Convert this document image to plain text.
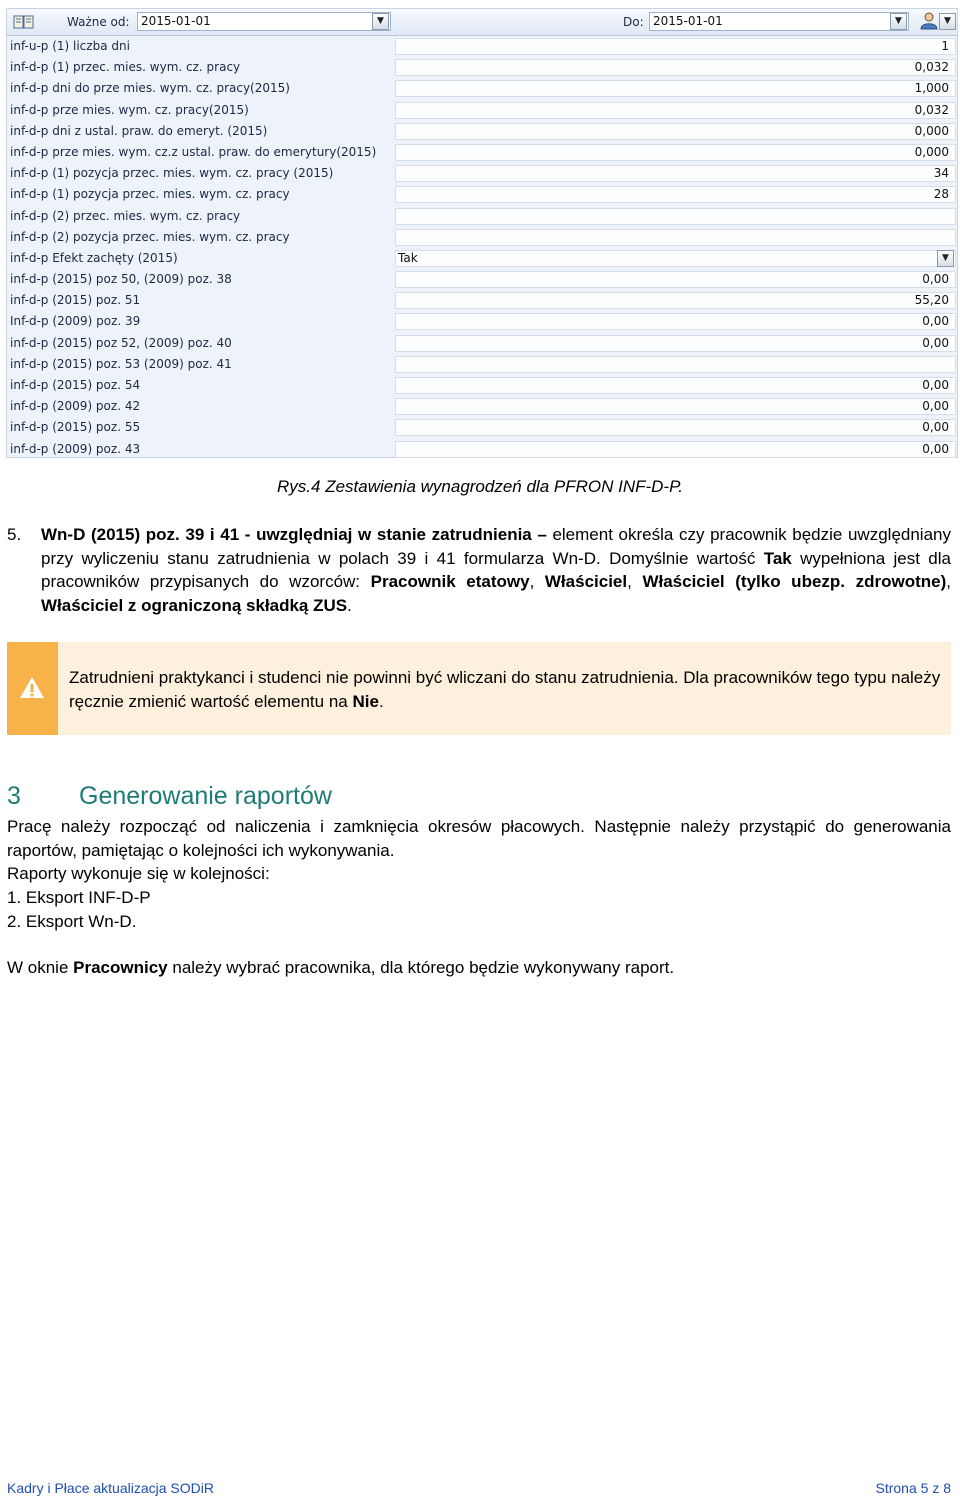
Ważne od: 2015-01-01	▼	Do: 2015-01-01	▼	▼
inf-u-p (1) liczba dni	1
inf-d-p (1) przec. mies. wym. cz. pracy	0,032
inf-d-p dni do prze mies. wym. cz. pracy(2015)	1,000
inf-d-p prze mies. wym. cz. pracy(2015)	0,032
inf-d-p dni z ustal. praw. do emeryt. (2015)	0,000
inf-d-p prze mies. wym. cz.z ustal. praw. do emerytury(2015)	0,000
inf-d-p (1) pozycja przec. mies. wym. cz. pracy (2015)	34
inf-d-p (1) pozycja przec. mies. wym. cz. pracy	28
inf-d-p (2) przec. mies. wym. cz. pracy
inf-d-p (2) pozycja przec. mies. wym. cz. pracy
inf-d-p Efekt zachęty (2015)	Tak	▼
inf-d-p (2015) poz 50, (2009) poz. 38	0,00
inf-d-p (2015) poz. 51	55,20
Inf-d-p (2009) poz. 39	0,00
inf-d-p (2015) poz 52, (2009) poz. 40	0,00
inf-d-p (2015) poz. 53 (2009) poz. 41
inf-d-p (2015) poz. 54	0,00
inf-d-p (2009) poz. 42	0,00
inf-d-p (2015) poz. 55	0,00
inf-d-p (2009) poz. 43	0,00
Rys.4 Zestawienia wynagrodzeń dla PFRON INF-D-P.
5. Wn-D (2015) poz. 39 i 41 - uwzględniaj w stanie zatrudnienia – element określa czy pracownik będzie uwzględniany przy wyliczeniu stanu zatrudnienia w polach 39 i 41 formularza Wn-D. Domyślnie wartość Tak wypełniona jest dla pracowników przypisanych do wzorców: Pracownik etatowy, Właściciel, Właściciel (tylko ubezp. zdrowotne), Właściciel z ograniczoną składką ZUS.
Zatrudnieni praktykanci i studenci nie powinni być wliczani do stanu zatrudnienia. Dla pracowników tego typu należy ręcznie zmienić wartość elementu na Nie.
3 Generowanie raportów
Pracę należy rozpocząć od naliczenia i zamknięcia okresów płacowych. Następnie należy przystąpić do generowania raportów, pamiętając o kolejności ich wykonywania.
Raporty wykonuje się w kolejności:
1. Eksport INF-D-P
2. Eksport Wn-D.
W oknie Pracownicy należy wybrać pracownika, dla którego będzie wykonywany raport.
Kadry i Płace aktualizacja SODiR	Strona 5 z 8
